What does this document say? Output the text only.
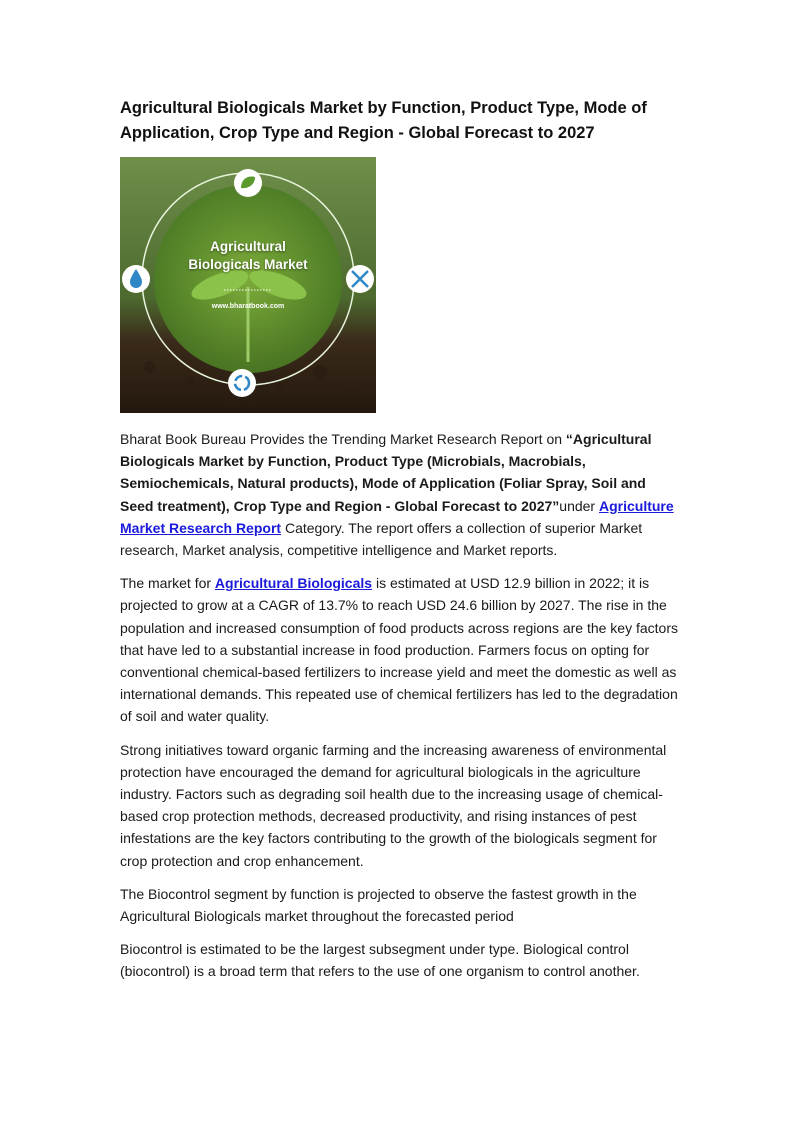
Agricultural Biologicals Market by Function, Product Type, Mode of Application, Crop Type and Region - Global Forecast to 2027
Agricultural
Biologicals Market
www.bharatbook.com

Bharat Book Bureau Provides the Trending Market Research Report on “Agricultural Biologicals Market by Function, Product Type (Microbials, Macrobials, Semiochemicals, Natural products), Mode of Application (Foliar Spray, Soil and Seed treatment), Crop Type and Region - Global Forecast to 2027”under Agriculture Market Research Report Category. The report offers a collection of superior Market research, Market analysis, competitive intelligence and Market reports.

The market for Agricultural Biologicals is estimated at USD 12.9 billion in 2022; it is projected to grow at a CAGR of 13.7% to reach USD 24.6 billion by 2027. The rise in the population and increased consumption of food products across regions are the key factors that have led to a substantial increase in food production. Farmers focus on opting for conventional chemical-based fertilizers to increase yield and meet the domestic as well as international demands. This repeated use of chemical fertilizers has led to the degradation of soil and water quality.

Strong initiatives toward organic farming and the increasing awareness of environmental protection have encouraged the demand for agricultural biologicals in the agriculture industry. Factors such as degrading soil health due to the increasing usage of chemical-based crop protection methods, decreased productivity, and rising instances of pest infestations are the key factors contributing to the growth of the biologicals segment for crop protection and crop enhancement.

The Biocontrol segment by function is projected to observe the fastest growth in the Agricultural Biologicals market throughout the forecasted period

Biocontrol is estimated to be the largest subsegment under type. Biological control (biocontrol) is a broad term that refers to the use of one organism to control another.
